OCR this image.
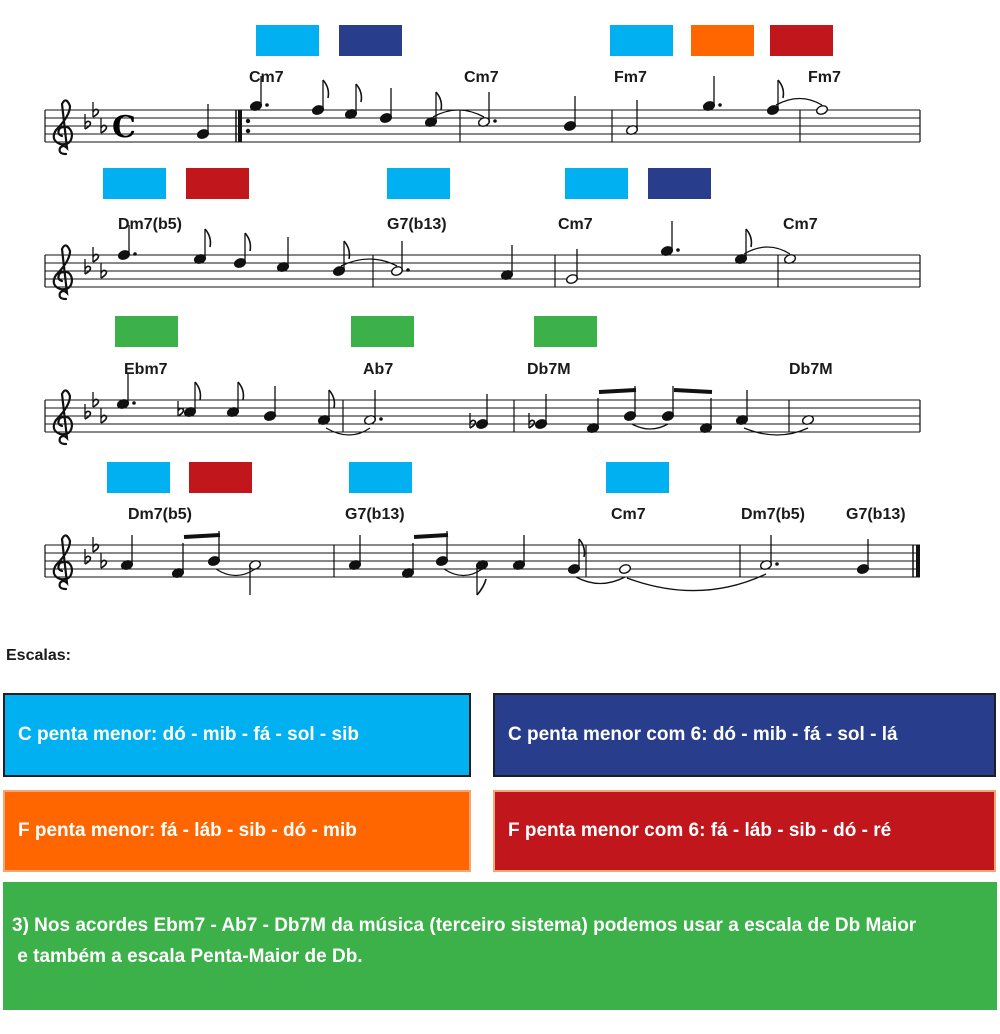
Cm7	Cm7	Fm7	Fm7
C
Dm7(b5)	G7(b13)	Cm7	Cm7
Ebm7	Ab7	Db7M	Db7M
Dm7(b5)	G7(b13)	Cm7	Dm7(b5)	G7(b13)
Escalas:
C penta menor: dó - mib - fá - sol - sib	C penta menor com 6: dó - mib - fá - sol - lá
F penta menor: fá - láb - sib - dó - mib	F penta menor com 6: fá - láb - sib - dó - ré
3) Nos acordes Ebm7 - Ab7 - Db7M da música (terceiro sistema) podemos usar a escala de Db Maior
e também a escala Penta-Maior de Db.
